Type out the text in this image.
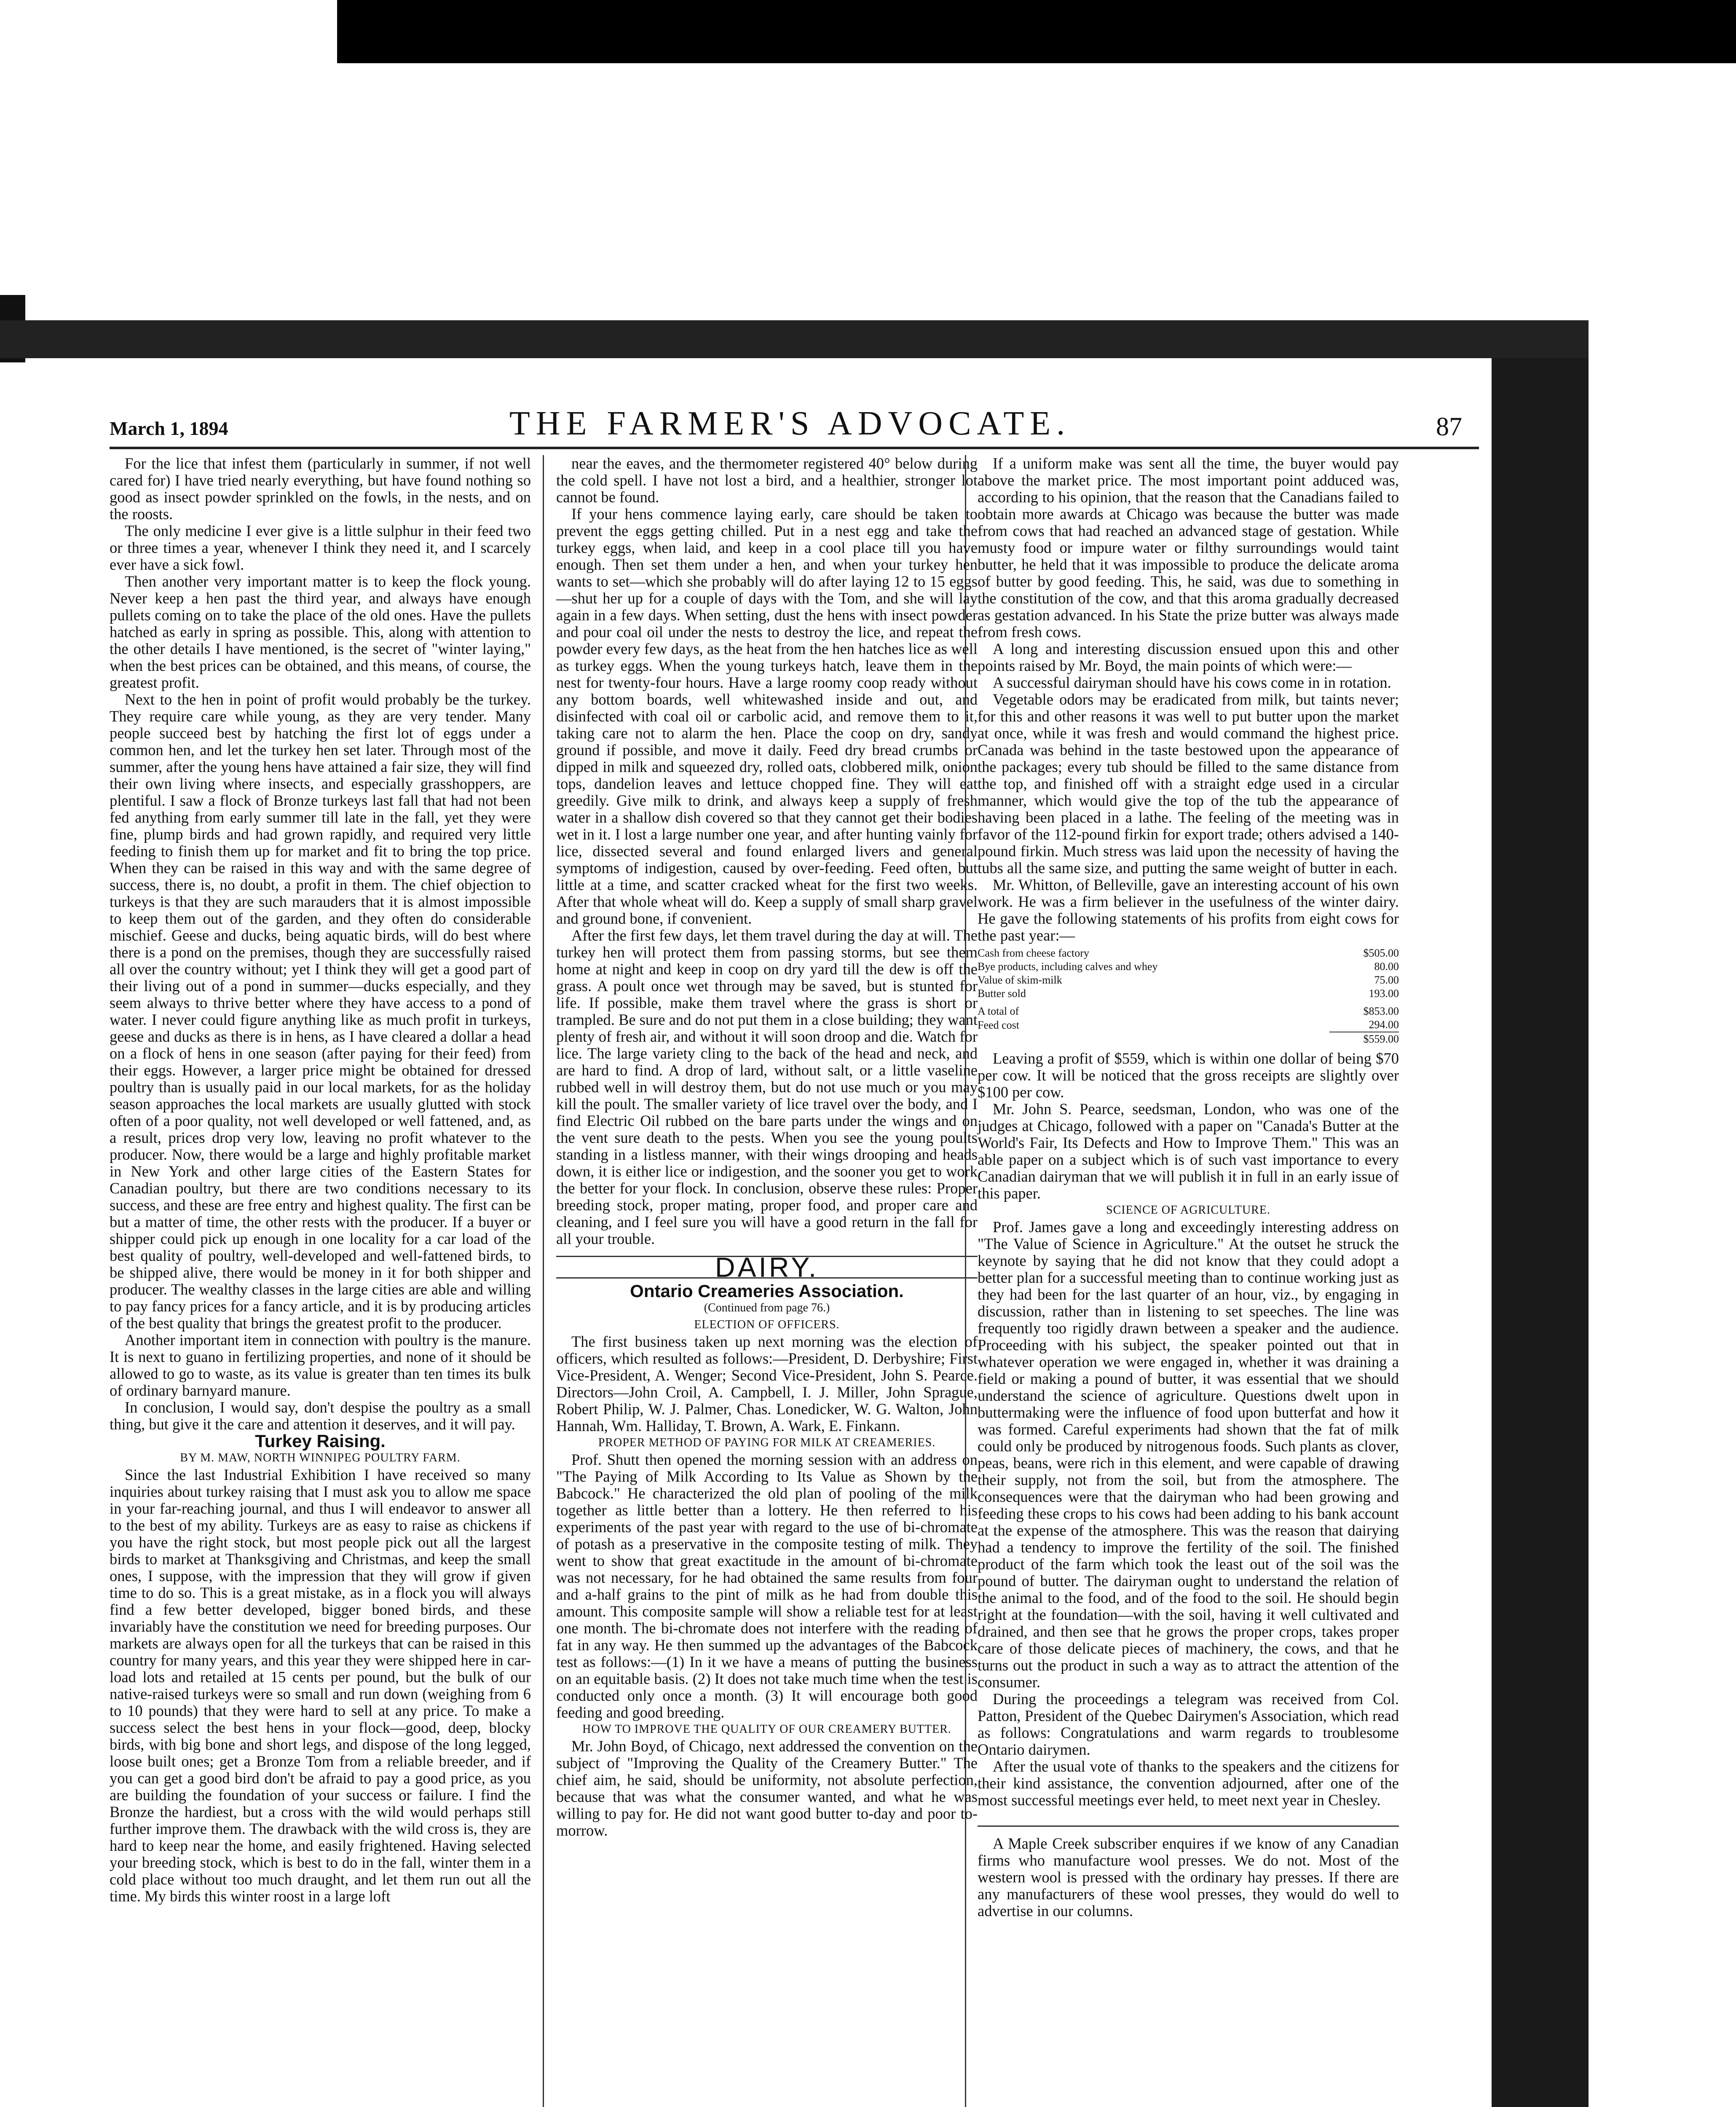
March 1, 1894	THE FARMER'S ADVOCATE.	87

For the lice that infest them (particularly in summer, if not well cared for) I have tried nearly everything, but have found nothing so good as insect powder sprinkled on the fowls, in the nests, and on the roosts.

The only medicine I ever give is a little sulphur in their feed two or three times a year, whenever I think they need it, and I scarcely ever have a sick fowl.

Then another very important matter is to keep the flock young. Never keep a hen past the third year, and always have enough pullets coming on to take the place of the old ones. Have the pullets hatched as early in spring as possible. This, along with attention to the other details I have mentioned, is the secret of "winter laying," when the best prices can be obtained, and this means, of course, the greatest profit.

Next to the hen in point of profit would probably be the turkey. They require care while young, as they are very tender. Many people succeed best by hatching the first lot of eggs under a common hen, and let the turkey hen set later. Through most of the summer, after the young hens have attained a fair size, they will find their own living where insects, and especially grasshoppers, are plentiful. I saw a flock of Bronze turkeys last fall that had not been fed anything from early summer till late in the fall, yet they were fine, plump birds and had grown rapidly, and required very little feeding to finish them up for market and fit to bring the top price. When they can be raised in this way and with the same degree of success, there is, no doubt, a profit in them. The chief objection to turkeys is that they are such marauders that it is almost impossible to keep them out of the garden, and they often do considerable mischief. Geese and ducks, being aquatic birds, will do best where there is a pond on the premises, though they are successfully raised all over the country without; yet I think they will get a good part of their living out of a pond in summer—ducks especially, and they seem always to thrive better where they have access to a pond of water. I never could figure anything like as much profit in turkeys, geese and ducks as there is in hens, as I have cleared a dollar a head on a flock of hens in one season (after paying for their feed) from their eggs. However, a larger price might be obtained for dressed poultry than is usually paid in our local markets, for as the holiday season approaches the local markets are usually glutted with stock often of a poor quality, not well developed or well fattened, and, as a result, prices drop very low, leaving no profit whatever to the producer. Now, there would be a large and highly profitable market in New York and other large cities of the Eastern States for Canadian poultry, but there are two conditions necessary to its success, and these are free entry and highest quality. The first can be but a matter of time, the other rests with the producer. If a buyer or shipper could pick up enough in one locality for a car load of the best quality of poultry, well-developed and well-fattened birds, to be shipped alive, there would be money in it for both shipper and producer. The wealthy classes in the large cities are able and willing to pay fancy prices for a fancy article, and it is by producing articles of the best quality that brings the greatest profit to the producer.

Another important item in connection with poultry is the manure. It is next to guano in fertilizing properties, and none of it should be allowed to go to waste, as its value is greater than ten times its bulk of ordinary barnyard manure.

In conclusion, I would say, don't despise the poultry as a small thing, but give it the care and attention it deserves, and it will pay.

Turkey Raising.

BY M. MAW, NORTH WINNIPEG POULTRY FARM.

Since the last Industrial Exhibition I have received so many inquiries about turkey raising that I must ask you to allow me space in your far-reaching journal, and thus I will endeavor to answer all to the best of my ability. Turkeys are as easy to raise as chickens if you have the right stock, but most people pick out all the largest birds to market at Thanksgiving and Christmas, and keep the small ones, I suppose, with the impression that they will grow if given time to do so. This is a great mistake, as in a flock you will always find a few better developed, bigger boned birds, and these invariably have the constitution we need for breeding purposes. Our markets are always open for all the turkeys that can be raised in this country for many years, and this year they were shipped here in car-load lots and retailed at 15 cents per pound, but the bulk of our native-raised turkeys were so small and run down (weighing from 6 to 10 pounds) that they were hard to sell at any price. To make a success select the best hens in your flock—good, deep, blocky birds, with big bone and short legs, and dispose of the long legged, loose built ones; get a Bronze Tom from a reliable breeder, and if you can get a good bird don't be afraid to pay a good price, as you are building the foundation of your success or failure. I find the Bronze the hardiest, but a cross with the wild would perhaps still further improve them. The drawback with the wild cross is, they are hard to keep near the home, and easily frightened. Having selected your breeding stock, which is best to do in the fall, winter them in a cold place without too much draught, and let them run out all the time. My birds this winter roost in a large loft

near the eaves, and the thermometer registered 40° below during the cold spell. I have not lost a bird, and a healthier, stronger lot cannot be found.

If your hens commence laying early, care should be taken to prevent the eggs getting chilled. Put in a nest egg and take the turkey eggs, when laid, and keep in a cool place till you have enough. Then set them under a hen, and when your turkey hen wants to set—which she probably will do after laying 12 to 15 eggs—shut her up for a couple of days with the Tom, and she will lay again in a few days. When setting, dust the hens with insect powder and pour coal oil under the nests to destroy the lice, and repeat the powder every few days, as the heat from the hen hatches lice as well as turkey eggs. When the young turkeys hatch, leave them in the nest for twenty-four hours. Have a large roomy coop ready without any bottom boards, well whitewashed inside and out, and disinfected with coal oil or carbolic acid, and remove them to it, taking care not to alarm the hen. Place the coop on dry, sandy ground if possible, and move it daily. Feed dry bread crumbs or dipped in milk and squeezed dry, rolled oats, clobbered milk, onion tops, dandelion leaves and lettuce chopped fine. They will eat greedily. Give milk to drink, and always keep a supply of fresh water in a shallow dish covered so that they cannot get their bodies wet in it. I lost a large number one year, and after hunting vainly for lice, dissected several and found enlarged livers and general symptoms of indigestion, caused by over-feeding. Feed often, but little at a time, and scatter cracked wheat for the first two weeks. After that whole wheat will do. Keep a supply of small sharp gravel and ground bone, if convenient.

After the first few days, let them travel during the day at will. The turkey hen will protect them from passing storms, but see them home at night and keep in coop on dry yard till the dew is off the grass. A poult once wet through may be saved, but is stunted for life. If possible, make them travel where the grass is short or trampled. Be sure and do not put them in a close building; they want plenty of fresh air, and without it will soon droop and die. Watch for lice. The large variety cling to the back of the head and neck, and are hard to find. A drop of lard, without salt, or a little vaseline rubbed well in will destroy them, but do not use much or you may kill the poult. The smaller variety of lice travel over the body, and I find Electric Oil rubbed on the bare parts under the wings and on the vent sure death to the pests. When you see the young poults standing in a listless manner, with their wings drooping and heads down, it is either lice or indigestion, and the sooner you get to work the better for your flock. In conclusion, observe these rules: Proper breeding stock, proper mating, proper food, and proper care and cleaning, and I feel sure you will have a good return in the fall for all your trouble.

DAIRY.

Ontario Creameries Association.

(Continued from page 76.)

ELECTION OF OFFICERS.

The first business taken up next morning was the election of officers, which resulted as follows:—President, D. Derbyshire; First Vice-President, A. Wenger; Second Vice-President, John S. Pearce. Directors—John Croil, A. Campbell, I. J. Miller, John Sprague, Robert Philip, W. J. Palmer, Chas. Lonedicker, W. G. Walton, John Hannah, Wm. Halliday, T. Brown, A. Wark, E. Finkann.

PROPER METHOD OF PAYING FOR MILK AT CREAMERIES.

Prof. Shutt then opened the morning session with an address on "The Paying of Milk According to Its Value as Shown by the Babcock." He characterized the old plan of pooling of the milk together as little better than a lottery. He then referred to his experiments of the past year with regard to the use of bi-chromate of potash as a preservative in the composite testing of milk. They went to show that great exactitude in the amount of bi-chromate was not necessary, for he had obtained the same results from four and a-half grains to the pint of milk as he had from double this amount. This composite sample will show a reliable test for at least one month. The bi-chromate does not interfere with the reading of fat in any way. He then summed up the advantages of the Babcock test as follows:—(1) In it we have a means of putting the business on an equitable basis. (2) It does not take much time when the test is conducted only once a month. (3) It will encourage both good feeding and good breeding.

HOW TO IMPROVE THE QUALITY OF OUR CREAMERY BUTTER.

Mr. John Boyd, of Chicago, next addressed the convention on the subject of "Improving the Quality of the Creamery Butter." The chief aim, he said, should be uniformity, not absolute perfection, because that was what the consumer wanted, and what he was willing to pay for. He did not want good butter to-day and poor to-morrow.

If a uniform make was sent all the time, the buyer would pay above the market price. The most important point adduced was, according to his opinion, that the reason that the Canadians failed to obtain more awards at Chicago was because the butter was made from cows that had reached an advanced stage of gestation. While musty food or impure water or filthy surroundings would taint butter, he held that it was impossible to produce the delicate aroma of butter by good feeding. This, he said, was due to something in the constitution of the cow, and that this aroma gradually decreased as gestation advanced. In his State the prize butter was always made from fresh cows.

A long and interesting discussion ensued upon this and other points raised by Mr. Boyd, the main points of which were:—

A successful dairyman should have his cows come in in rotation.

Vegetable odors may be eradicated from milk, but taints never; for this and other reasons it was well to put butter upon the market at once, while it was fresh and would command the highest price. Canada was behind in the taste bestowed upon the appearance of the packages; every tub should be filled to the same distance from the top, and finished off with a straight edge used in a circular manner, which would give the top of the tub the appearance of having been placed in a lathe. The feeling of the meeting was in favor of the 112-pound firkin for export trade; others advised a 140-pound firkin. Much stress was laid upon the necessity of having the tubs all the same size, and putting the same weight of butter in each.

Mr. Whitton, of Belleville, gave an interesting account of his own work. He was a firm believer in the usefulness of the winter dairy. He gave the following statements of his profits from eight cows for the past year:—

Cash from cheese factory	$505.00
Bye products, including calves and whey	80.00
Value of skim-milk	75.00
Butter sold	193.00
A total of	$853.00
Feed cost	294.00
	$559.00

Leaving a profit of $559, which is within one dollar of being $70 per cow. It will be noticed that the gross receipts are slightly over $100 per cow.

Mr. John S. Pearce, seedsman, London, who was one of the judges at Chicago, followed with a paper on "Canada's Butter at the World's Fair, Its Defects and How to Improve Them." This was an able paper on a subject which is of such vast importance to every Canadian dairyman that we will publish it in full in an early issue of this paper.

SCIENCE OF AGRICULTURE.

Prof. James gave a long and exceedingly interesting address on "The Value of Science in Agriculture." At the outset he struck the keynote by saying that he did not know that they could adopt a better plan for a successful meeting than to continue working just as they had been for the last quarter of an hour, viz., by engaging in discussion, rather than in listening to set speeches. The line was frequently too rigidly drawn between a speaker and the audience. Proceeding with his subject, the speaker pointed out that in whatever operation we were engaged in, whether it was draining a field or making a pound of butter, it was essential that we should understand the science of agriculture. Questions dwelt upon in buttermaking were the influence of food upon butterfat and how it was formed. Careful experiments had shown that the fat of milk could only be produced by nitrogenous foods. Such plants as clover, peas, beans, were rich in this element, and were capable of drawing their supply, not from the soil, but from the atmosphere. The consequences were that the dairyman who had been growing and feeding these crops to his cows had been adding to his bank account at the expense of the atmosphere. This was the reason that dairying had a tendency to improve the fertility of the soil. The finished product of the farm which took the least out of the soil was the pound of butter. The dairyman ought to understand the relation of the animal to the food, and of the food to the soil. He should begin right at the foundation—with the soil, having it well cultivated and drained, and then see that he grows the proper crops, takes proper care of those delicate pieces of machinery, the cows, and that he turns out the product in such a way as to attract the attention of the consumer.

During the proceedings a telegram was received from Col. Patton, President of the Quebec Dairymen's Association, which read as follows: Congratulations and warm regards to troublesome Ontario dairymen.

After the usual vote of thanks to the speakers and the citizens for their kind assistance, the convention adjourned, after one of the most successful meetings ever held, to meet next year in Chesley.

A Maple Creek subscriber enquires if we know of any Canadian firms who manufacture wool presses. We do not. Most of the western wool is pressed with the ordinary hay presses. If there are any manufacturers of these wool presses, they would do well to advertise in our columns.
